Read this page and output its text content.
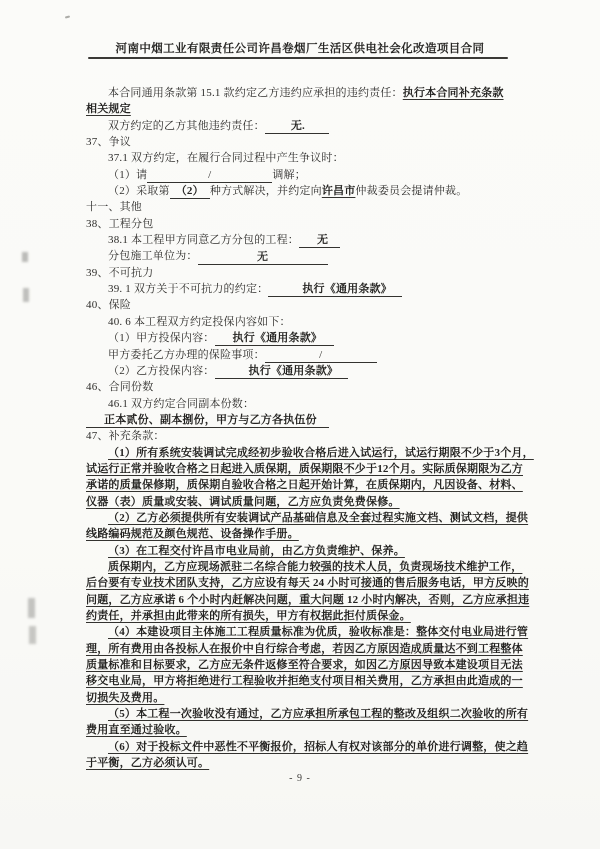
河南中烟工业有限责任公司许昌卷烟厂生活区供电社会化改造项目合同
本合同通用条款第 15.1 款约定乙方违约应承担的违约责任：执行本合同补充条款
相关规定
双方约定的乙方其他违约责任： 无.
37、争议
37.1 双方约定，在履行合同过程中产生争议时：
（1）请	/	调解；
（2）采取第 （2） 种方式解决，并约定向许昌市仲裁委员会提请仲裁。
十一、其他
38、工程分包
38.1 本工程甲方同意乙方分包的工程： 无
分包施工单位为：	无
39、不可抗力
39. 1 双方关于不可抗力的约定：	执行《通用条款》
40、保险
40. 6 本工程双方约定投保内容如下：
（1）甲方投保内容： 执行《通用条款》
甲方委托乙方办理的保险事项：	/
（2）乙方投保内容：	执行《通用条款》
46、合同份数
46.1 双方约定合同副本份数：
正本贰份、副本捌份，甲方与乙方各执伍份
47、补充条款：
（1）所有系统安装调试完成经初步验收合格后进入试运行，试运行期限不少于3个月，
试运行正常并验收合格之日起进入质保期，质保期限不少于12个月。实际质保期限为乙方
承诺的质量保修期，质保期自验收合格之日起开始计算，在质保期内，凡因设备、材料、
仪器（表）质量或安装、调试质量问题，乙方应负责免费保修。
（2）乙方必须提供所有安装调试产品基础信息及全套过程实施文档、测试文档，提供
线路编码规范及颜色规范、设备操作手册。
（3）在工程交付许昌市电业局前，由乙方负责维护、保养。
质保期内，乙方应现场派驻二名综合能力较强的技术人员，负责现场技术维护工作，
后台要有专业技术团队支持，乙方应设有每天 24 小时可接通的售后服务电话，甲方反映的
问题，乙方应承诺 6 个小时内赶解决问题，重大问题 12 小时内解决，否则，乙方应承担违
约责任，并承担由此带来的所有损失，甲方有权据此拒付质保金。
（4）本建设项目主体施工工程质量标准为优质，验收标准是：整体交付电业局进行管
理，所有费用由各投标人在报价中自行综合考虑，若因乙方原因造成质量达不到工程整体
质量标准和目标要求，乙方应无条件返修至符合要求，如因乙方原因导致本建设项目无法
移交电业局，甲方将拒绝进行工程验收并拒绝支付项目相关费用，乙方承担由此造成的一
切损失及费用。
（5）本工程一次验收没有通过，乙方应承担所承包工程的整改及组织二次验收的所有
费用直至通过验收。
（6）对于投标文件中恶性不平衡报价，招标人有权对该部分的单价进行调整，使之趋
于平衡，乙方必须认可。
- 9 -
